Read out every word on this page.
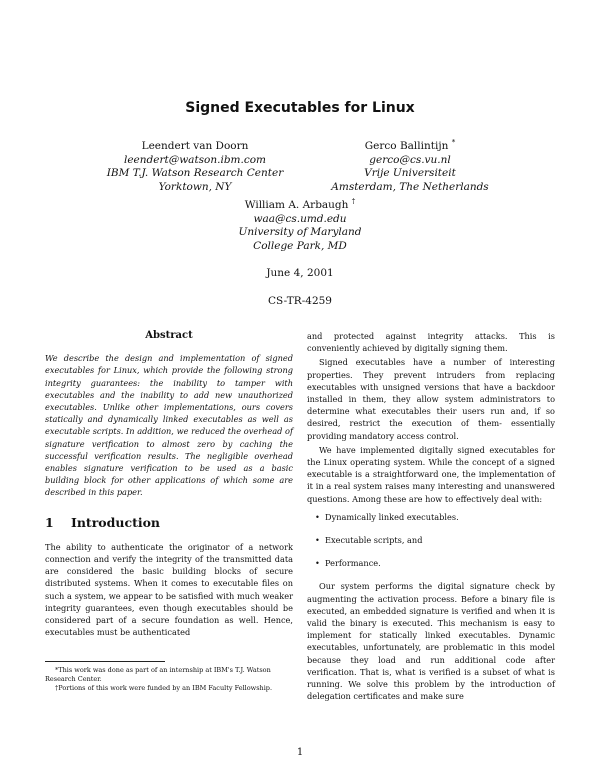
Signed Executables for Linux
Leendert van Doorn
leendert@watson.ibm.com
IBM T.J. Watson Research Center
Yorktown, NY
Gerco Ballintijn *
gerco@cs.vu.nl
Vrije Universiteit
Amsterdam, The Netherlands
William A. Arbaugh †
waa@cs.umd.edu
University of Maryland
College Park, MD
June 4, 2001
CS-TR-4259
Abstract

We describe the design and implementation of signed executables for Linux, which provide the following strong integrity guarantees: the inability to tamper with executables and the inability to add new unauthorized executables. Unlike other implementations, ours covers statically and dynamically linked executables as well as executable scripts. In addition, we reduced the overhead of signature verification to almost zero by caching the successful verification results. The negligible overhead enables signature verification to be used as a basic building block for other applications of which some are described in this paper.

1 Introduction

The ability to authenticate the originator of a network connection and verify the integrity of the transmitted data are considered the basic building blocks of secure distributed systems. When it comes to executable files on such a system, we appear to be satisfied with much weaker integrity guarantees, even though executables should be considered part of a secure foundation as well. Hence, executables must be authenticated

and protected against integrity attacks. This is conveniently achieved by digitally signing them.

Signed executables have a number of interesting properties. They prevent intruders from replacing executables with unsigned versions that have a backdoor installed in them, they allow system administrators to determine what executables their users run and, if so desired, restrict the execution of them- essentially providing mandatory access control.

We have implemented digitally signed executables for the Linux operating system. While the concept of a signed executable is a straightforward one, the implementation of it in a real system raises many interesting and unanswered questions. Among these are how to effectively deal with:

• Dynamically linked executables.
• Executable scripts, and
• Performance.

Our system performs the digital signature check by augmenting the activation process. Before a binary file is executed, an embedded signature is verified and when it is valid the binary is executed. This mechanism is easy to implement for statically linked executables. Dynamic executables, unfortunately, are problematic in this model because they load and run additional code after verification. That is, what is verified is a subset of what is running. We solve this problem by the introduction of delegation certificates and make sure

*This work was done as part of an internship at IBM's T.J. Watson Research Center.

†Portions of this work were funded by an IBM Faculty Fellowship.

1
